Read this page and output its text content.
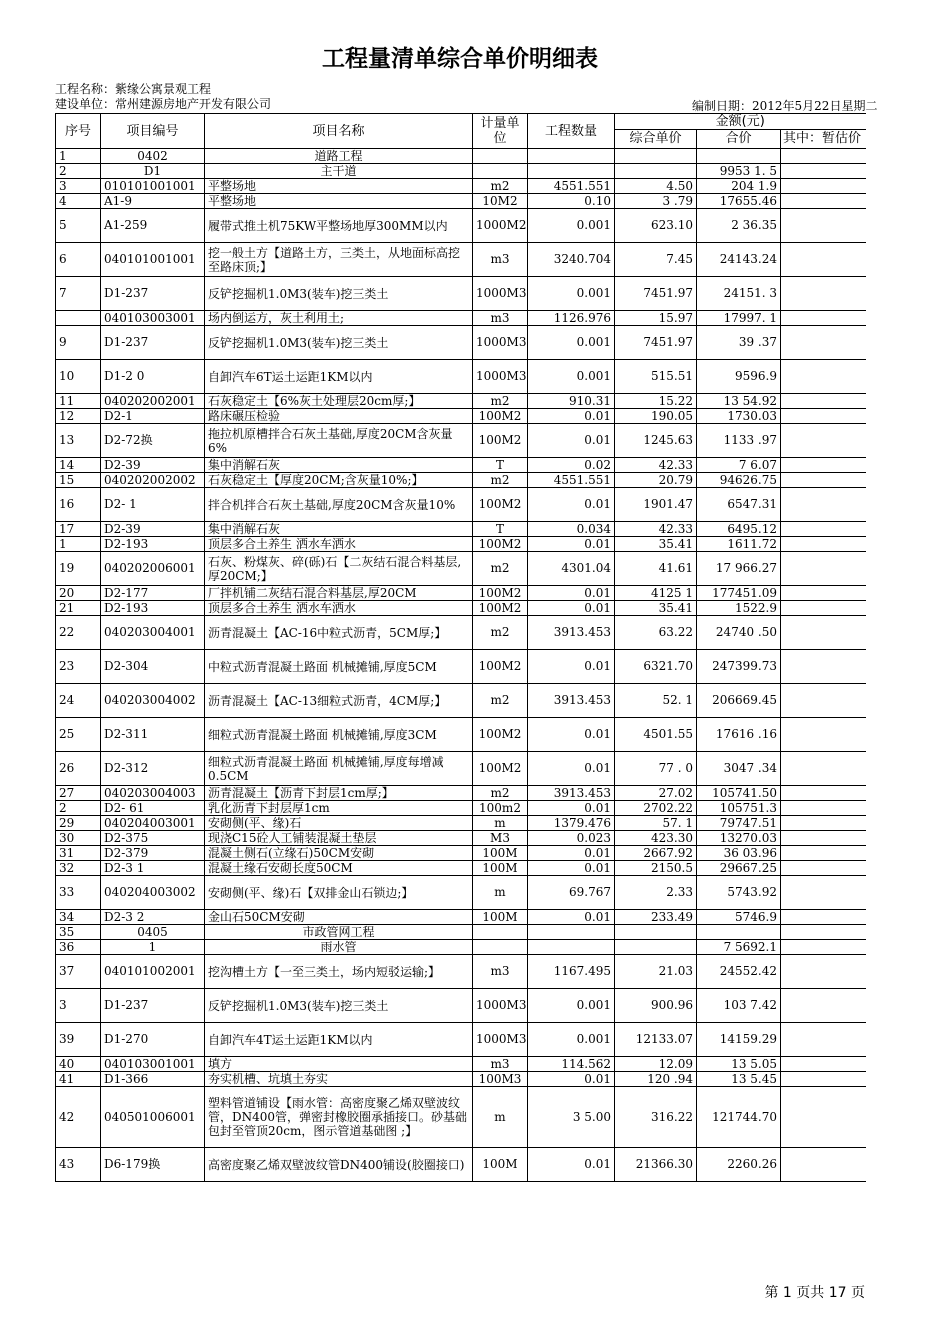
工程量清单综合单价明细表
工程名称：紫缘公寓景观工程
建设单位：常州建源房地产开发有限公司	编制日期：2012年5月22日星期二
序号	项目编号	项目名称	计量单位	工程数量	金额(元)		
					综合单价	合价	其中：暂估价
1	0402	道路工程					
2	D1	主干道				9953 1. 5	
3	010101001001	平整场地	m2	4551.551	4.50	204 1.9	
4	A1-9	平整场地	10M2	0.10	3 .79	17655.46	
5	A1-259	履带式推土机75KW平整场地厚300MM以内	1000M2	0.001	623.10	2 36.35	
6	040101001001	挖一般土方【道路土方，三类土，从地面标高挖至路床顶;】	m3	3240.704	7.45	24143.24	
7	D1-237	反铲挖掘机1.0M3(装车)挖三类土	1000M3	0.001	7451.97	24151. 3	
	040103003001	场内倒运方，灰土利用土;	m3	1126.976	15.97	17997. 1	
9	D1-237	反铲挖掘机1.0M3(装车)挖三类土	1000M3	0.001	7451.97	39 .37	
10	D1-2 0	自卸汽车6T运土运距1KM以内	1000M3	0.001	515.51	9596.9	
11	040202002001	石灰稳定土【6%灰土处理层20cm厚;】	m2	910.31	15.22	13 54.92	
12	D2-1	路床碾压检验	100M2	0.01	190.05	1730.03	
13	D2-72换	拖拉机原槽拌合石灰土基础,厚度20CM含灰量6%	100M2	0.01	1245.63	1133 .97	
14	D2-39	集中消解石灰	T	0.02	42.33	7 6.07	
15	040202002002	石灰稳定土【厚度20CM;含灰量10%;】	m2	4551.551	20.79	94626.75	
16	D2- 1	拌合机拌合石灰土基础,厚度20CM含灰量10%	100M2	0.01	1901.47	6547.31	
17	D2-39	集中消解石灰	T	0.034	42.33	6495.12	
1	D2-193	顶层多合土养生 洒水车洒水	100M2	0.01	35.41	1611.72	
19	040202006001	石灰、粉煤灰、碎(砾)石【二灰结石混合料基层,厚20CM;】	m2	4301.04	41.61	17 966.27	
20	D2-177	厂拌机铺二灰结石混合料基层,厚20CM	100M2	0.01	4125 1	177451.09	
21	D2-193	顶层多合土养生 洒水车洒水	100M2	0.01	35.41	1522.9	
22	040203004001	沥青混凝土【AC-16中粒式沥青，5CM厚;】	m2	3913.453	63.22	24740 .50	
23	D2-304	中粒式沥青混凝土路面 机械摊铺,厚度5CM	100M2	0.01	6321.70	247399.73	
24	040203004002	沥青混凝土【AC-13细粒式沥青，4CM厚;】	m2	3913.453	52. 1	206669.45	
25	D2-311	细粒式沥青混凝土路面 机械摊铺,厚度3CM	100M2	0.01	4501.55	17616 .16	
26	D2-312	细粒式沥青混凝土路面 机械摊铺,厚度每增减0.5CM	100M2	0.01	77 . 0	3047 .34	
27	040203004003	沥青混凝土【沥青下封层1cm厚;】	m2	3913.453	27.02	105741.50	
2	D2- 61	乳化沥青下封层厚1cm	100m2	0.01	2702.22	105751.3	
29	040204003001	安砌侧(平、缘)石	m	1379.476	57. 1	79747.51	
30	D2-375	现浇C15砼人工铺装混凝土垫层	M3	0.023	423.30	13270.03	
31	D2-379	混凝土侧石(立缘石)50CM安砌	100M	0.01	2667.92	36 03.96	
32	D2-3 1	混凝土缘石安砌长度50CM	100M	0.01	2150.5	29667.25	
33	040204003002	安砌侧(平、缘)石【双排金山石锁边;】	m	69.767	2.33	5743.92	
34	D2-3 2	金山石50CM安砌	100M	0.01	233.49	5746.9	
35	0405	市政管网工程					
36	1	雨水管				7 5692.1	
37	040101002001	挖沟槽土方【一至三类土，场内短驳运输;】	m3	1167.495	21.03	24552.42	
3	D1-237	反铲挖掘机1.0M3(装车)挖三类土	1000M3	0.001	900.96	103 7.42	
39	D1-270	自卸汽车4T运土运距1KM以内	1000M3	0.001	12133.07	14159.29	
40	040103001001	填方	m3	114.562	12.09	13 5.05	
41	D1-366	夯实机槽、坑填土夯实	100M3	0.01	120 .94	13 5.45	
42	040501006001	塑料管道铺设【雨水管：高密度聚乙烯双壁波纹管，DN400管，弹密封橡胶圈承插接口。砂基础包封至管顶20cm，图示管道基础图 ;】	m	3 5.00	316.22	121744.70	
43	D6-179换	高密度聚乙烯双壁波纹管DN400铺设(胶圈接口)	100M	0.01	21366.30	2260.26	
第 1 页共 17 页
